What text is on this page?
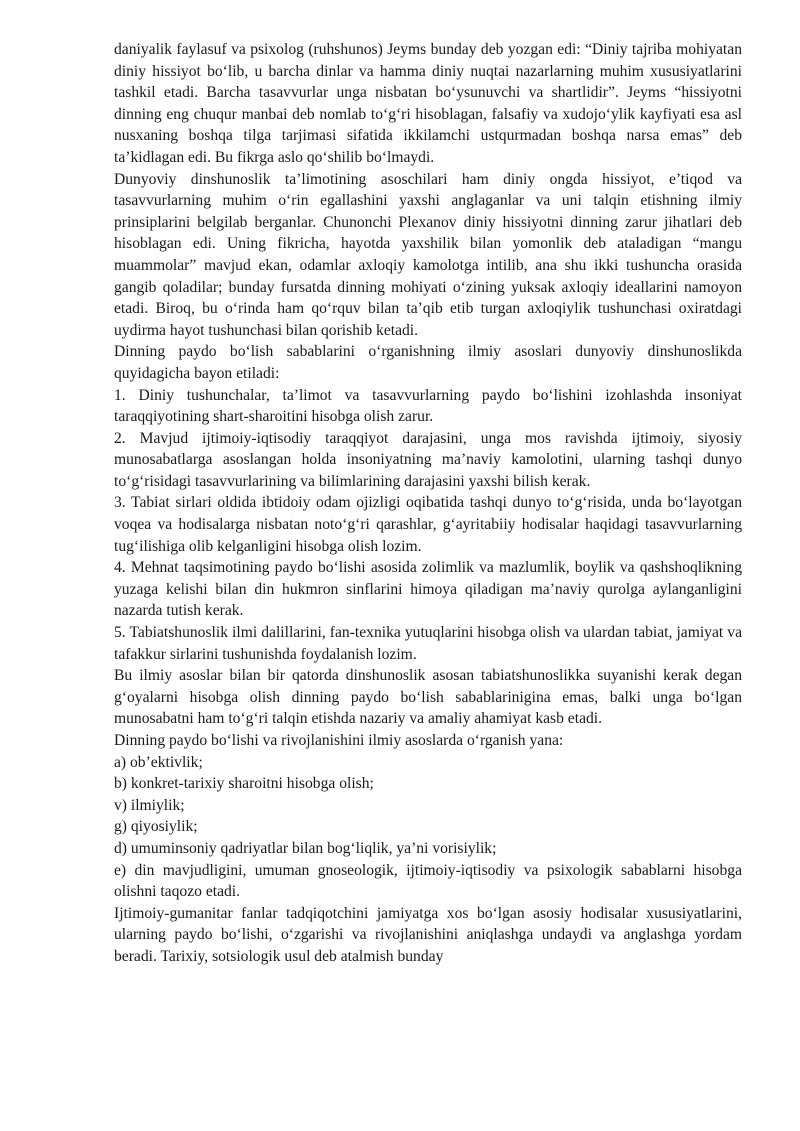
daniyalik faylasuf va psixolog (ruhshunos) Jeyms bunday deb yozgan edi: “Diniy tajriba mohiyatan diniy hissiyot bo‘lib, u barcha dinlar va hamma diniy nuqtai nazarlarning muhim xususiyatlarini tashkil etadi. Barcha tasavvurlar unga nisbatan bo‘ysunuvchi va shartlidir”. Jeyms “hissiyotni dinning eng chuqur manbai deb nomlab to‘g‘ri hisoblagan, falsafiy va xudojo‘ylik kayfiyati esa asl nusxaning boshqa tilga tarjimasi sifatida ikkilamchi ustqurmadan boshqa narsa emas” deb ta’kidlagan edi. Bu fikrga aslo qo‘shilib bo‘lmaydi.

Dunyoviy dinshunoslik ta’limotining asoschilari ham diniy ongda hissiyot, e’tiqod va tasavvurlarning muhim o‘rin egallashini yaxshi anglaganlar va uni talqin etishning ilmiy prinsiplarini belgilab berganlar. Chunonchi Plexanov diniy hissiyotni dinning zarur jihatlari deb hisoblagan edi. Uning fikricha, hayotda yaxshilik bilan yomonlik deb ataladigan “mangu muammolar” mavjud ekan, odamlar axloqiy kamolotga intilib, ana shu ikki tushuncha orasida gangib qoladilar; bunday fursatda dinning mohiyati o‘zining yuksak axloqiy ideallarini namoyon etadi. Biroq, bu o‘rinda ham qo‘rquv bilan ta’qib etib turgan axloqiylik tushunchasi oxiratdagi uydirma hayot tushunchasi bilan qorishib ketadi.

Dinning paydo bo‘lish sabablarini o‘rganishning ilmiy asoslari dunyoviy dinshunoslikda quyidagicha bayon etiladi:

1. Diniy tushunchalar, ta’limot va tasavvurlarning paydo bo‘lishini izohlashda insoniyat taraqqiyotining shart-sharoitini hisobga olish zarur.

2. Mavjud ijtimoiy-iqtisodiy taraqqiyot darajasini, unga mos ravishda ijtimoiy, siyosiy munosabatlarga asoslangan holda insoniyatning ma’naviy kamolotini, ularning tashqi dunyo to‘g‘risidagi tasavvurlarining va bilimlarining darajasini yaxshi bilish kerak.

3. Tabiat sirlari oldida ibtidoiy odam ojizligi oqibatida tashqi dunyo to‘g‘risida, unda bo‘layotgan voqea va hodisalarga nisbatan noto‘g‘ri qarashlar, g‘ayritabiiy hodisalar haqidagi tasavvurlarning tug‘ilishiga olib kelganligini hisobga olish lozim.

4. Mehnat taqsimotining paydo bo‘lishi asosida zolimlik va mazlumlik, boylik va qashshoqlikning yuzaga kelishi bilan din hukmron sinflarini himoya qiladigan ma’naviy qurolga aylanganligini nazarda tutish kerak.

5. Tabiatshunoslik ilmi dalillarini, fan-texnika yutuqlarini hisobga olish va ulardan tabiat, jamiyat va tafakkur sirlarini tushunishda foydalanish lozim.

Bu ilmiy asoslar bilan bir qatorda dinshunoslik asosan tabiatshunoslikka suyanishi kerak degan g‘oyalarni hisobga olish dinning paydo bo‘lish sabablarinigina emas, balki unga bo‘lgan munosabatni ham to‘g‘ri talqin etishda nazariy va amaliy ahamiyat kasb etadi.

Dinning paydo bo‘lishi va rivojlanishini ilmiy asoslarda o‘rganish yana:

a) ob’ektivlik;

b) konkret-tarixiy sharoitni hisobga olish;

v) ilmiylik;

g) qiyosiylik;

d) umuminsoniy qadriyatlar bilan bog‘liqlik, ya’ni vorisiylik;

e) din mavjudligini, umuman gnoseologik, ijtimoiy-iqtisodiy va psixologik sabablarni hisobga olishni taqozo etadi.

Ijtimoiy-gumanitar fanlar tadqiqotchini jamiyatga xos bo‘lgan asosiy hodisalar xususiyatlarini, ularning paydo bo‘lishi, o‘zgarishi va rivojlanishini aniqlashga undaydi va anglashga yordam beradi. Tarixiy, sotsiologik usul deb atalmish bunday
